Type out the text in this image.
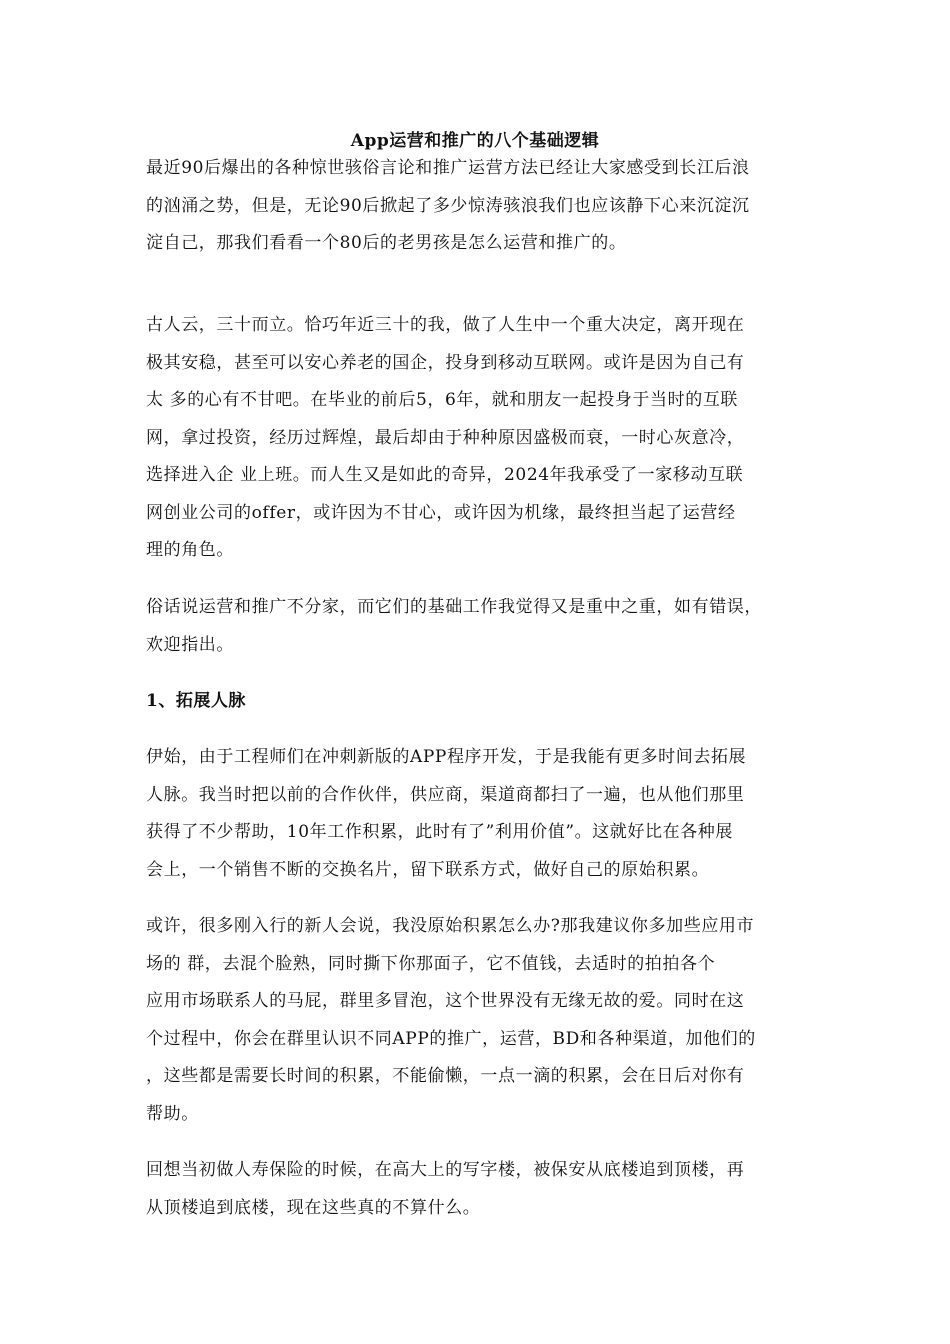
App运营和推广的八个基础逻辑
最近90后爆出的各种惊世骇俗言论和推广运营方法已经让大家感受到长江后浪
的汹涌之势，但是，无论90后掀起了多少惊涛骇浪我们也应该静下心来沉淀沉
淀自己，那我们看看一个80后的老男孩是怎么运营和推广的。
古人云，三十而立。恰巧年近三十的我，做了人生中一个重大决定，离开现在
极其安稳，甚至可以安心养老的国企，投身到移动互联网。或许是因为自己有
太 多的心有不甘吧。在毕业的前后5，6年，就和朋友一起投身于当时的互联
网，拿过投资，经历过辉煌，最后却由于种种原因盛极而衰，一时心灰意冷，
选择进入企 业上班。而人生又是如此的奇异，2024年我承受了一家移动互联
网创业公司的offer，或许因为不甘心，或许因为机缘，最终担当起了运营经
理的角色。
俗话说运营和推广不分家，而它们的基础工作我觉得又是重中之重，如有错误，
欢迎指出。
1、拓展人脉
伊始，由于工程师们在冲刺新版的APP程序开发，于是我能有更多时间去拓展
人脉。我当时把以前的合作伙伴，供应商，渠道商都扫了一遍，也从他们那里
获得了不少帮助，10年工作积累，此时有了”利用价值”。这就好比在各种展
会上，一个销售不断的交换名片，留下联系方式，做好自己的原始积累。
或许，很多刚入行的新人会说，我没原始积累怎么办?那我建议你多加些应用市
场的 群，去混个脸熟，同时撕下你那面子，它不值钱，去适时的拍拍各个
应用市场联系人的马屁，群里多冒泡，这个世界没有无缘无故的爱。同时在这
个过程中，你会在群里认识不同APP的推广，运营，BD和各种渠道，加他们的
，这些都是需要长时间的积累，不能偷懒，一点一滴的积累，会在日后对你有
帮助。
回想当初做人寿保险的时候，在高大上的写字楼，被保安从底楼追到顶楼，再
从顶楼追到底楼，现在这些真的不算什么。
